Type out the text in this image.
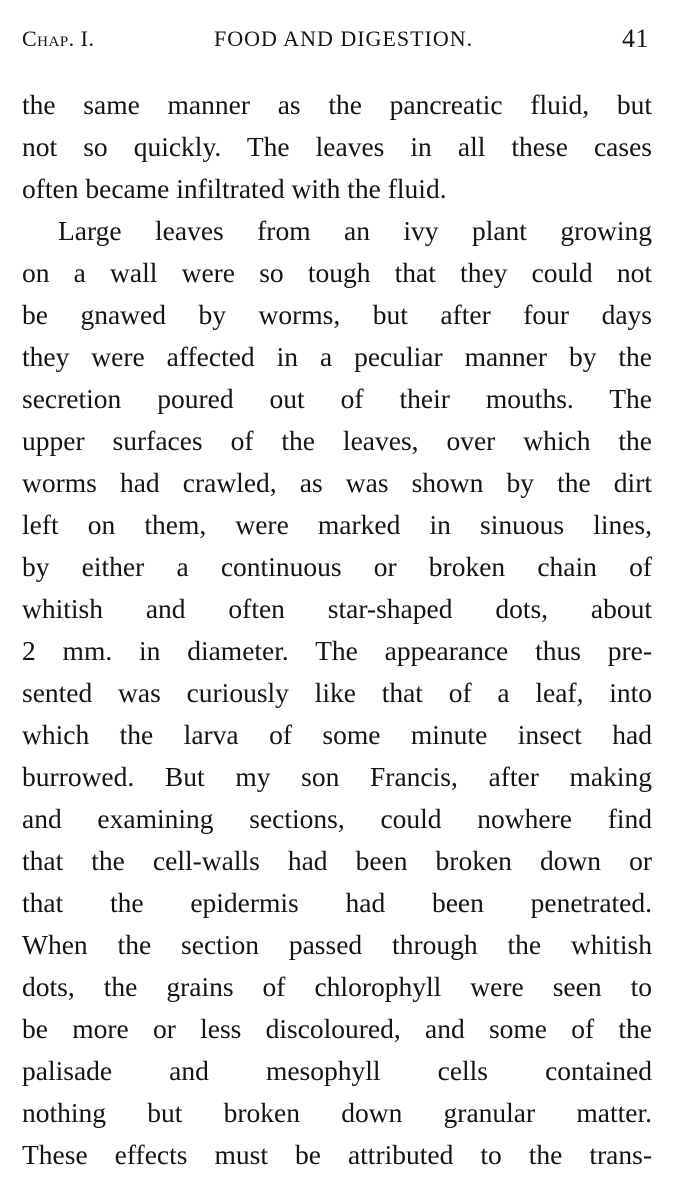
Chap. I.	FOOD AND DIGESTION.	41
the same manner as the pancreatic fluid, but
not so quickly. The leaves in all these cases
often became infiltrated with the fluid.
Large leaves from an ivy plant growing
on a wall were so tough that they could not
be gnawed by worms, but after four days
they were affected in a peculiar manner by the
secretion poured out of their mouths. The
upper surfaces of the leaves, over which the
worms had crawled, as was shown by the dirt
left on them, were marked in sinuous lines,
by either a continuous or broken chain of
whitish and often star-shaped dots, about
2 mm. in diameter. The appearance thus pre-
sented was curiously like that of a leaf, into
which the larva of some minute insect had
burrowed. But my son Francis, after making
and examining sections, could nowhere find
that the cell-walls had been broken down or
that the epidermis had been penetrated.
When the section passed through the whitish
dots, the grains of chlorophyll were seen to
be more or less discoloured, and some of the
palisade and mesophyll cells contained
nothing but broken down granular matter.
These effects must be attributed to the trans-
